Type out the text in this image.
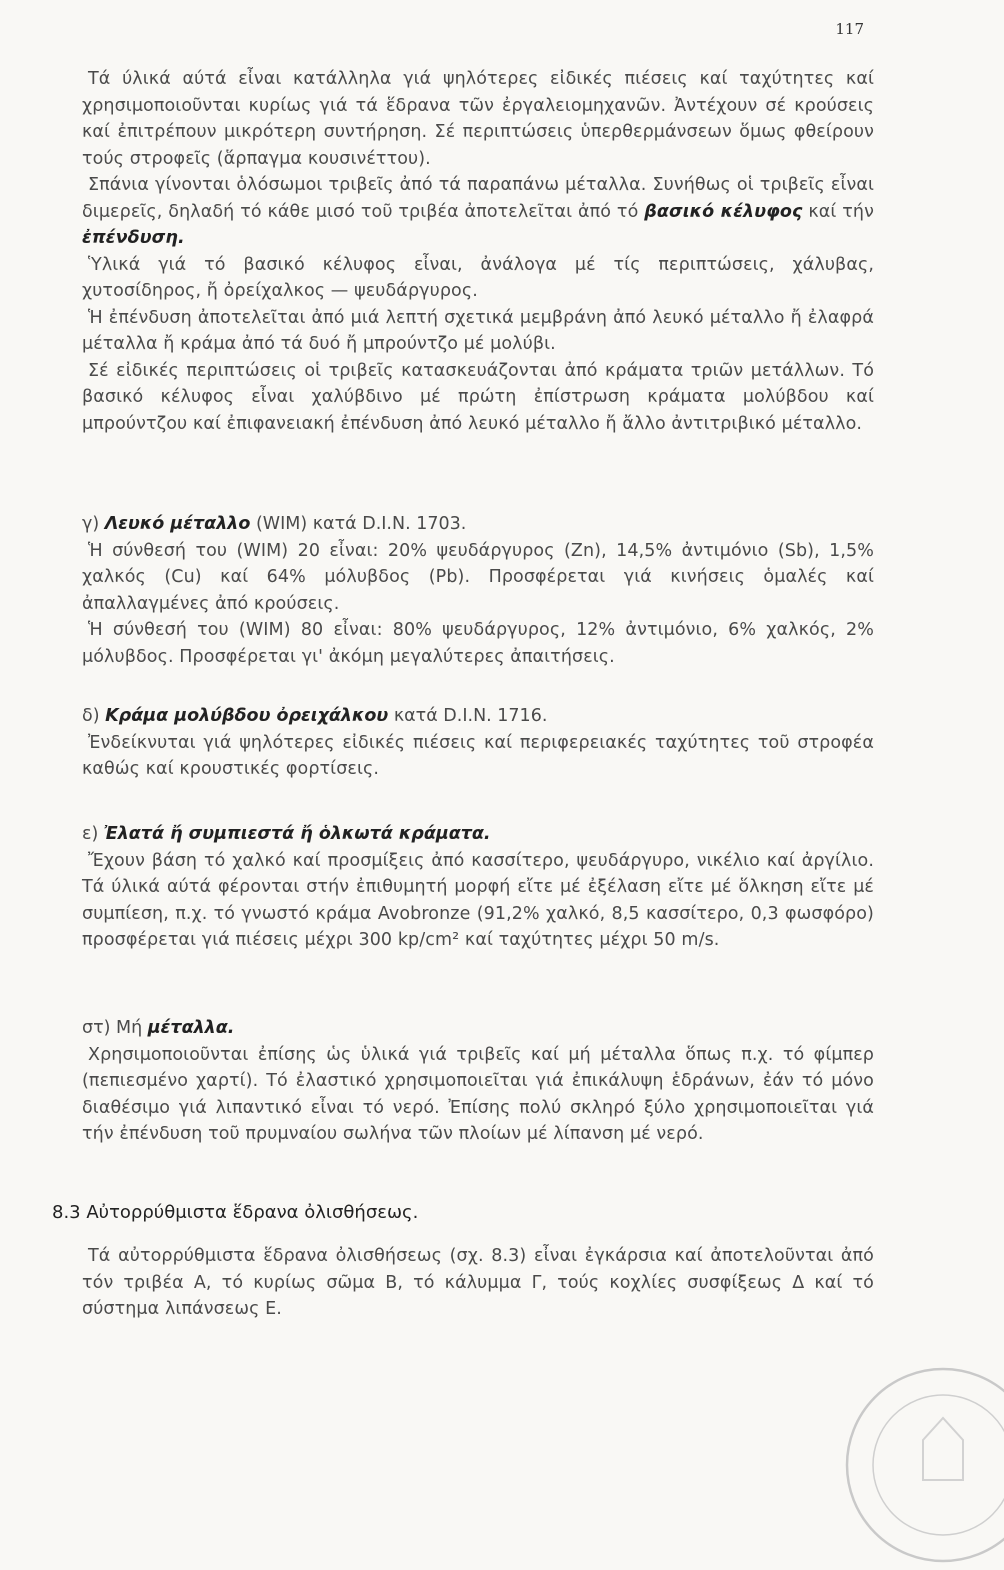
117

Τά ύλικά αύτά εἶναι κατάλληλα γιά ψηλότερες εἰδικές πιέσεις καί ταχύτητες καί χρησιμοποιοῦνται κυρίως γιά τά ἕδρανα τῶν ἐργαλειομηχανῶν. Ἀντέχουν σέ κρούσεις καί ἐπιτρέπουν μικρότερη συντήρηση. Σέ περιπτώσεις ὑπερθερμάνσεων ὅμως φθείρουν τούς στροφεῖς (ἅρπαγμα κουσινέττου).

Σπάνια γίνονται ὁλόσωμοι τριβεῖς ἀπό τά παραπάνω μέταλλα. Συνήθως οἱ τριβεῖς εἶναι διμερεῖς, δηλαδή τό κάθε μισό τοῦ τριβέα ἀποτελεῖται ἀπό τό βασικό κέλυφος καί τήν ἐπένδυση.

Ὑλικά γιά τό βασικό κέλυφος εἶναι, ἀνάλογα μέ τίς περιπτώσεις, χάλυβας, χυτοσίδηρος, ἤ ὀρείχαλκος — ψευδάργυρος.

Ἡ ἐπένδυση ἀποτελεῖται ἀπό μιά λεπτή σχετικά μεμβράνη ἀπό λευκό μέταλλο ἤ ἐλαφρά μέταλλα ἤ κράμα ἀπό τά δυό ἤ μπρούντζο μέ μολύβι.

Σέ εἰδικές περιπτώσεις οἱ τριβεῖς κατασκευάζονται ἀπό κράματα τριῶν μετάλλων. Τό βασικό κέλυφος εἶναι χαλύβδινο μέ πρώτη ἐπίστρωση κράματα μολύβδου καί μπρούντζου καί ἐπιφανειακή ἐπένδυση ἀπό λευκό μέταλλο ἤ ἄλλο ἀντιτριβικό μέταλλο.

γ) Λευκό μέταλλο (WIM) κατά D.I.N. 1703.

Ἡ σύνθεσή του (WIM) 20 εἶναι: 20% ψευδάργυρος (Zn), 14,5% ἀντιμόνιο (Sb), 1,5% χαλκός (Cu) καί 64% μόλυβδος (Pb). Προσφέρεται γιά κινήσεις ὁμαλές καί ἀπαλλαγμένες ἀπό κρούσεις.

Ἡ σύνθεσή του (WIM) 80 εἶναι: 80% ψευδάργυρος, 12% ἀντιμόνιο, 6% χαλκός, 2% μόλυβδος. Προσφέρεται γι' ἀκόμη μεγαλύτερες ἀπαιτήσεις.

δ) Κράμα μολύβδου ὀρειχάλκου κατά D.I.N. 1716.

Ἐνδείκνυται γιά ψηλότερες εἰδικές πιέσεις καί περιφερειακές ταχύτητες τοῦ στροφέα καθώς καί κρουστικές φορτίσεις.

ε) Ἐλατά ἤ συμπιεστά ἤ ὁλκωτά κράματα.

Ἔχουν βάση τό χαλκό καί προσμίξεις ἀπό κασσίτερο, ψευδάργυρο, νικέλιο καί ἀργίλιο. Τά ύλικά αύτά φέρονται στήν ἐπιθυμητή μορφή εἴτε μέ ἐξέλαση εἴτε μέ ὅλκηση εἴτε μέ συμπίεση, π.χ. τό γνωστό κράμα Avobronze (91,2% χαλκό, 8,5 κασσίτερο, 0,3 φωσφόρο) προσφέρεται γιά πιέσεις μέχρι 300 kp/cm² καί ταχύτητες μέχρι 50 m/s.

στ) Μή μέταλλα.

Χρησιμοποιοῦνται ἐπίσης ὡς ὑλικά γιά τριβεῖς καί μή μέταλλα ὅπως π.χ. τό φίμπερ (πεπιεσμένο χαρτί). Τό ἐλαστικό χρησιμοποιεῖται γιά ἐπικάλυψη ἑδράνων, ἐάν τό μόνο διαθέσιμο γιά λιπαντικό εἶναι τό νερό. Ἐπίσης πολύ σκληρό ξύλο χρησιμοποιεῖται γιά τήν ἐπένδυση τοῦ πρυμναίου σωλήνα τῶν πλοίων μέ λίπανση μέ νερό.

8.3 Αὐτορρύθμιστα ἕδρανα ὀλισθήσεως.

Τά αὐτορρύθμιστα ἕδρανα ὀλισθήσεως (σχ. 8.3) εἶναι ἐγκάρσια καί ἀποτελοῦνται ἀπό τόν τριβέα Α, τό κυρίως σῶμα Β, τό κάλυμμα Γ, τούς κοχλίες συσφίξεως Δ καί τό σύστημα λιπάνσεως Ε.
